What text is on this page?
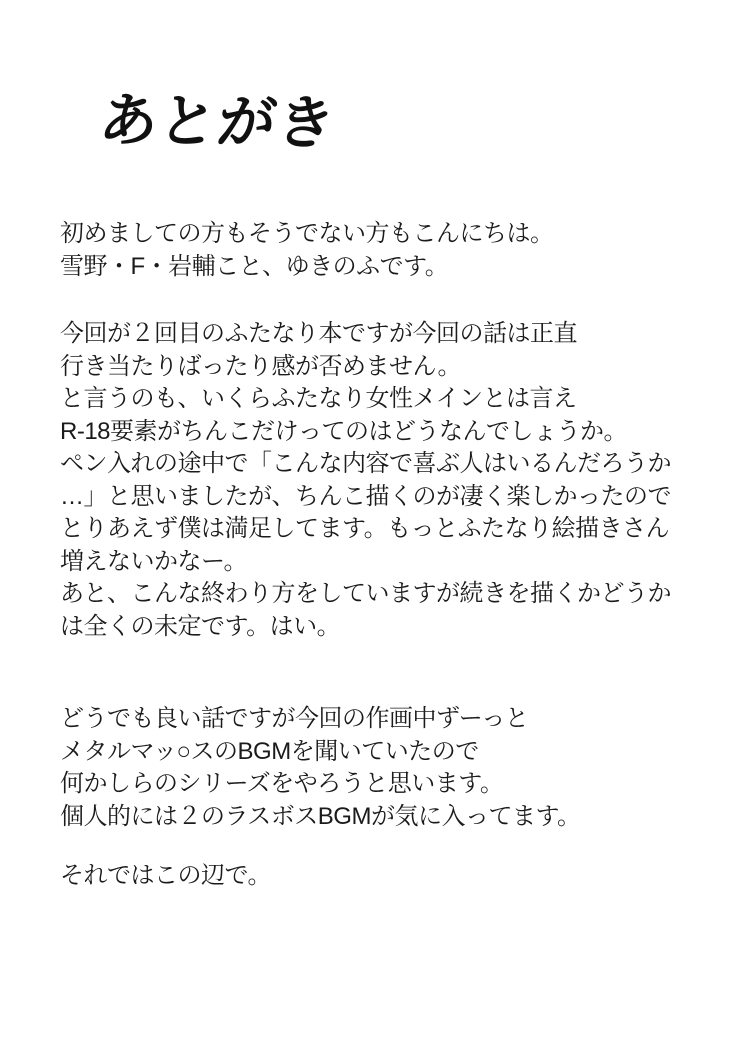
あとがき
初めましての方もそうでない方もこんにちは。
雪野・F・岩輔こと、ゆきのふです。
今回が２回目のふたなり本ですが今回の話は正直
行き当たりばったり感が否めません。
と言うのも、いくらふたなり女性メインとは言え
R-18要素がちんこだけってのはどうなんでしょうか。
ペン入れの途中で「こんな内容で喜ぶ人はいるんだろうか
…」と思いましたが、ちんこ描くのが凄く楽しかったので
とりあえず僕は満足してます。もっとふたなり絵描きさん
増えないかなー。
あと、こんな終わり方をしていますが続きを描くかどうか
は全くの未定です。はい。
どうでも良い話ですが今回の作画中ずーっと
メタルマッ○スのBGMを聞いていたので
何かしらのシリーズをやろうと思います。
個人的には２のラスボスBGMが気に入ってます。
それではこの辺で。
